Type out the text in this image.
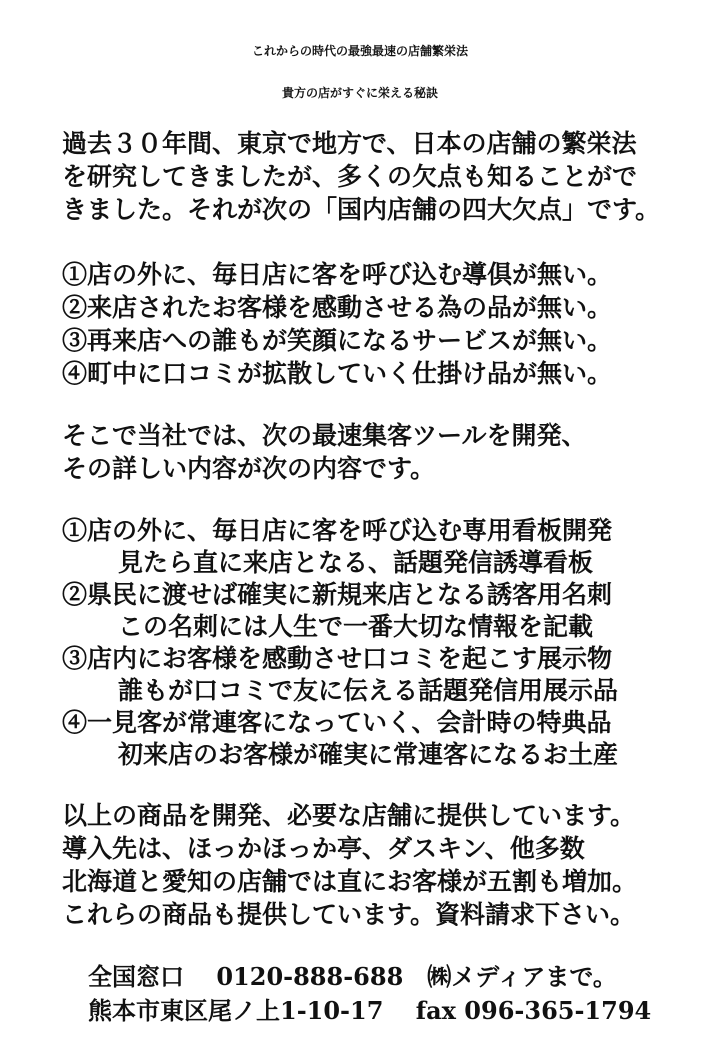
これからの時代の最強最速の店舗繁栄法
貴方の店がすぐに栄える秘訣
過去３０年間、東京で地方で、日本の店舗の繁栄法
を研究してきましたが、多くの欠点も知ることがで
きました。それが次の「国内店舗の四大欠点」です。
①店の外に、毎日店に客を呼び込む導倶が無い。
②来店されたお客様を感動させる為の品が無い。
③再来店への誰もが笑顔になるサービスが無い。
④町中に口コミが拡散していく仕掛け品が無い。
そこで当社では、次の最速集客ツールを開発、
その詳しい内容が次の内容です。
①店の外に、毎日店に客を呼び込む専用看板開発
見たら直に来店となる、話題発信誘導看板
②県民に渡せば確実に新規来店となる誘客用名刺
この名刺には人生で一番大切な情報を記載
③店内にお客様を感動させ口コミを起こす展示物
誰もが口コミで友に伝える話題発信用展示品
④一見客が常連客になっていく、会計時の特典品
初来店のお客様が確実に常連客になるお土産
以上の商品を開発、必要な店舗に提供しています。
導入先は、ほっかほっか亭、ダスキン、他多数
北海道と愛知の店舗では直にお客様が五割も増加。
これらの商品も提供しています。資料請求下さい。
全国窓口　 0120-888-688　㈱メディアまで。
熊本市東区尾ノ上1-10-17　 fax 096-365-1794
